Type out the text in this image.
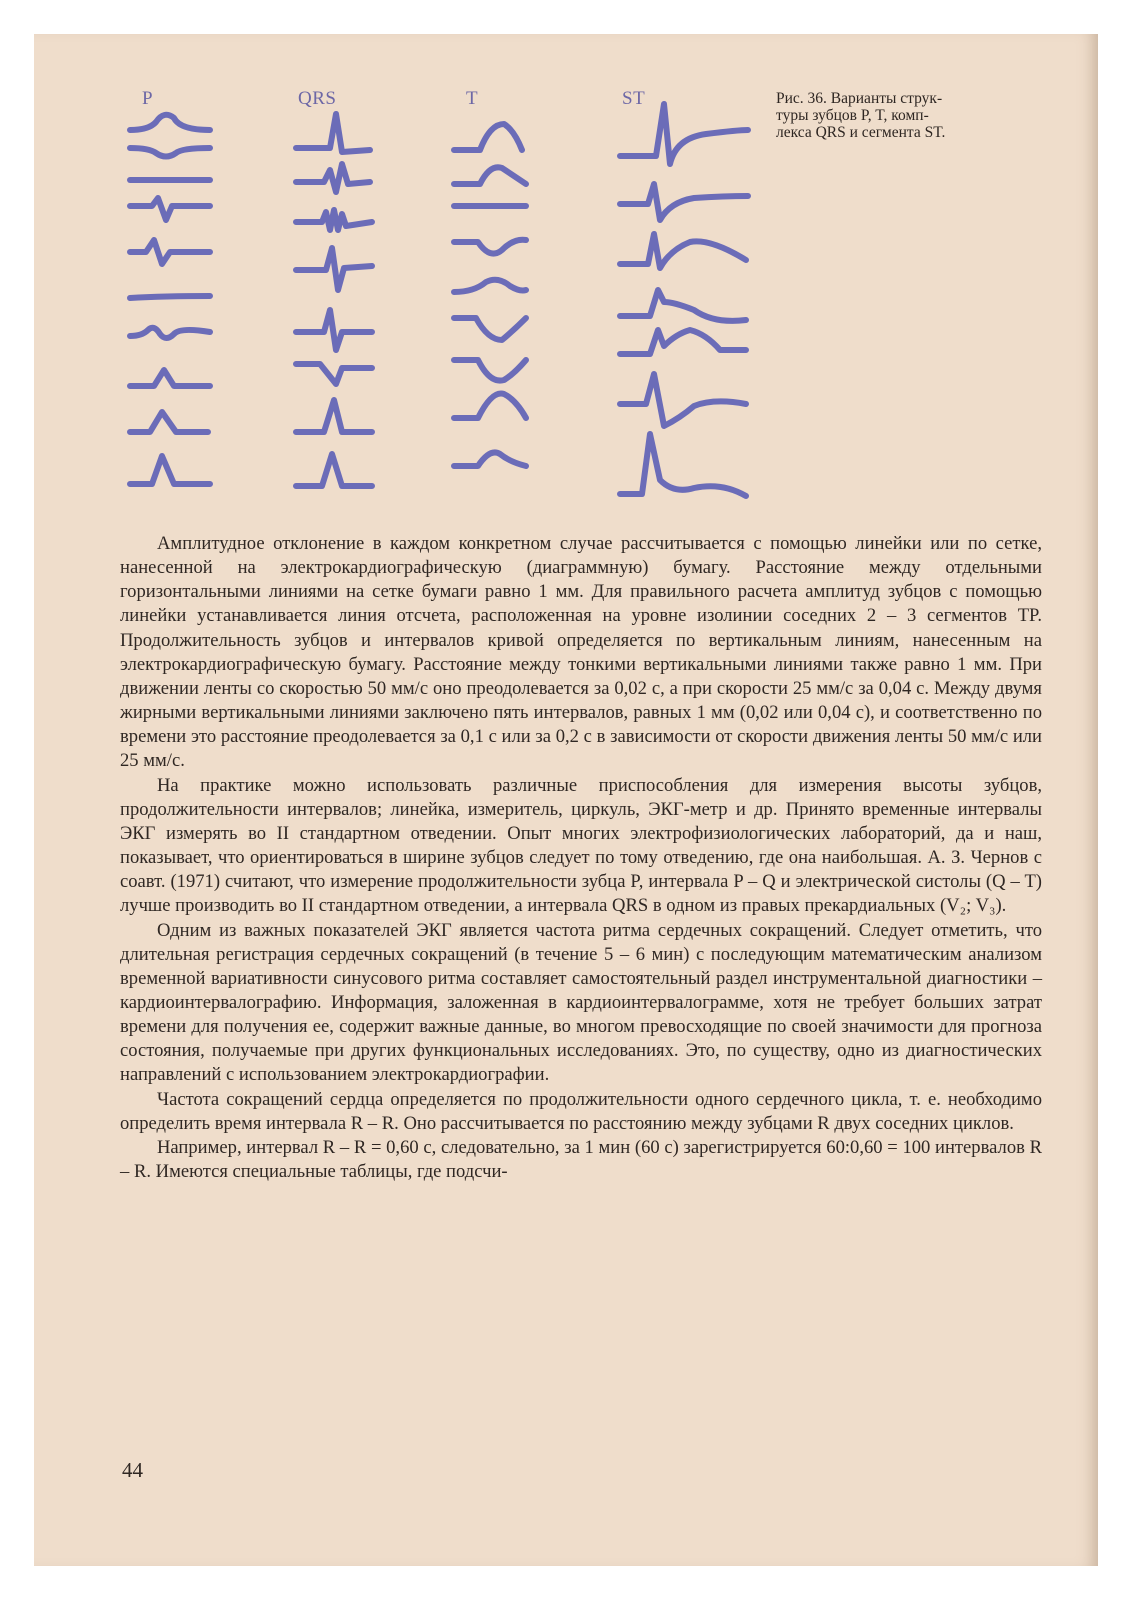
P	QRS	T	ST	Рис. 36. Варианты струк-
туры зубцов P, T, комп-
лекса QRS и сегмента ST.

Амплитудное отклонение в каждом конкретном случае рассчитывается с помощью линейки или по сетке, нанесенной на электрокардиографическую (диаграммную) бумагу. Расстояние между отдельными горизонтальными линиями на сетке бумаги равно 1 мм. Для правильного расчета амплитуд зубцов с помощью линейки устанавливается линия отсчета, расположенная на уровне изолинии соседних 2 – 3 сегментов TP. Продолжительность зубцов и интервалов кривой определяется по вертикальным линиям, нанесенным на электрокардиографическую бумагу. Расстояние между тонкими вертикальными линиями также равно 1 мм. При движении ленты со скоростью 50 мм/с оно преодолевается за 0,02 с, а при скорости 25 мм/с за 0,04 с. Между двумя жирными вертикальными линиями заключено пять интервалов, равных 1 мм (0,02 или 0,04 с), и соответственно по времени это расстояние преодолевается за 0,1 с или за 0,2 с в зависимости от скорости движения ленты 50 мм/с или 25 мм/с.

На практике можно использовать различные приспособления для измерения высоты зубцов, продолжительности интервалов; линейка, измеритель, циркуль, ЭКГ-метр и др. Принято временные интервалы ЭКГ измерять во II стандартном отведении. Опыт многих электрофизиологических лабораторий, да и наш, показывает, что ориентироваться в ширине зубцов следует по тому отведению, где она наибольшая. А. З. Чернов с соавт. (1971) считают, что измерение продолжительности зубца P, интервала P – Q и электрической систолы (Q – T) лучше производить во II стандартном отведении, а интервала QRS в одном из правых прекардиальных (V₂; V₃).

Одним из важных показателей ЭКГ является частота ритма сердечных сокращений. Следует отметить, что длительная регистрация сердечных сокращений (в течение 5 – 6 мин) с последующим математическим анализом временной вариативности синусового ритма составляет самостоятельный раздел инструментальной диагностики – кардиоинтервалографию. Информация, заложенная в кардиоинтервалограмме, хотя не требует больших затрат времени для получения ее, содержит важные данные, во многом превосходящие по своей значимости для прогноза состояния, получаемые при других функциональных исследованиях. Это, по существу, одно из диагностических направлений с использованием электрокардиографии.

Частота сокращений сердца определяется по продолжительности одного сердечного цикла, т. е. необходимо определить время интервала R – R. Оно рассчитывается по расстоянию между зубцами R двух соседних циклов.

Например, интервал R – R = 0,60 с, следовательно, за 1 мин (60 с) зарегистрируется 60:0,60 = 100 интервалов R – R. Имеются специальные таблицы, где подсчи-

44
